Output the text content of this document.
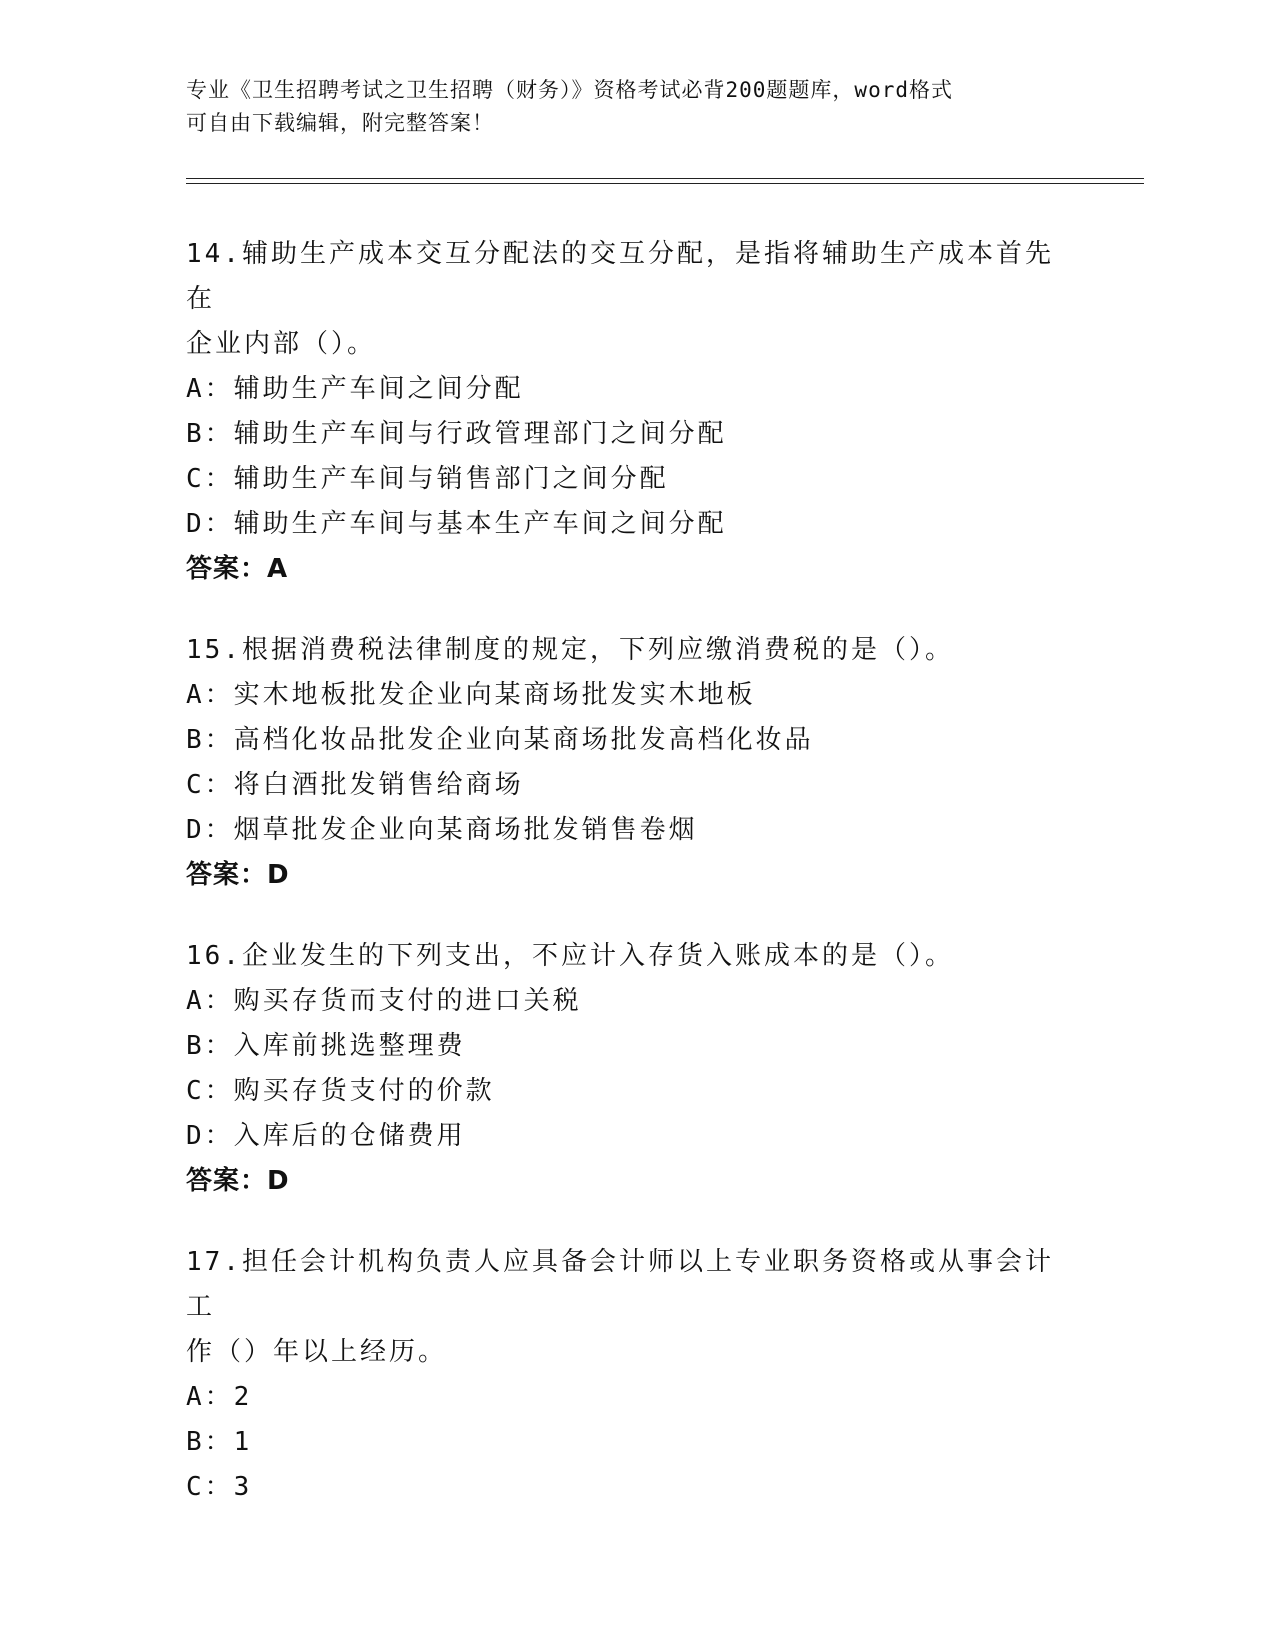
专业《卫生招聘考试之卫生招聘（财务）》资格考试必背200题题库，word格式
可自由下载编辑，附完整答案！

14.辅助生产成本交互分配法的交互分配，是指将辅助生产成本首先在
企业内部（）。

A：辅助生产车间之间分配

B：辅助生产车间与行政管理部门之间分配

C：辅助生产车间与销售部门之间分配

D：辅助生产车间与基本生产车间之间分配

答案：A

15.根据消费税法律制度的规定，下列应缴消费税的是（）。

A：实木地板批发企业向某商场批发实木地板

B：高档化妆品批发企业向某商场批发高档化妆品

C：将白酒批发销售给商场

D：烟草批发企业向某商场批发销售卷烟

答案：D

16.企业发生的下列支出，不应计入存货入账成本的是（）。

A：购买存货而支付的进口关税

B：入库前挑选整理费

C：购买存货支付的价款

D：入库后的仓储费用

答案：D

17.担任会计机构负责人应具备会计师以上专业职务资格或从事会计工
作（）年以上经历。

A：2

B：1

C：3
